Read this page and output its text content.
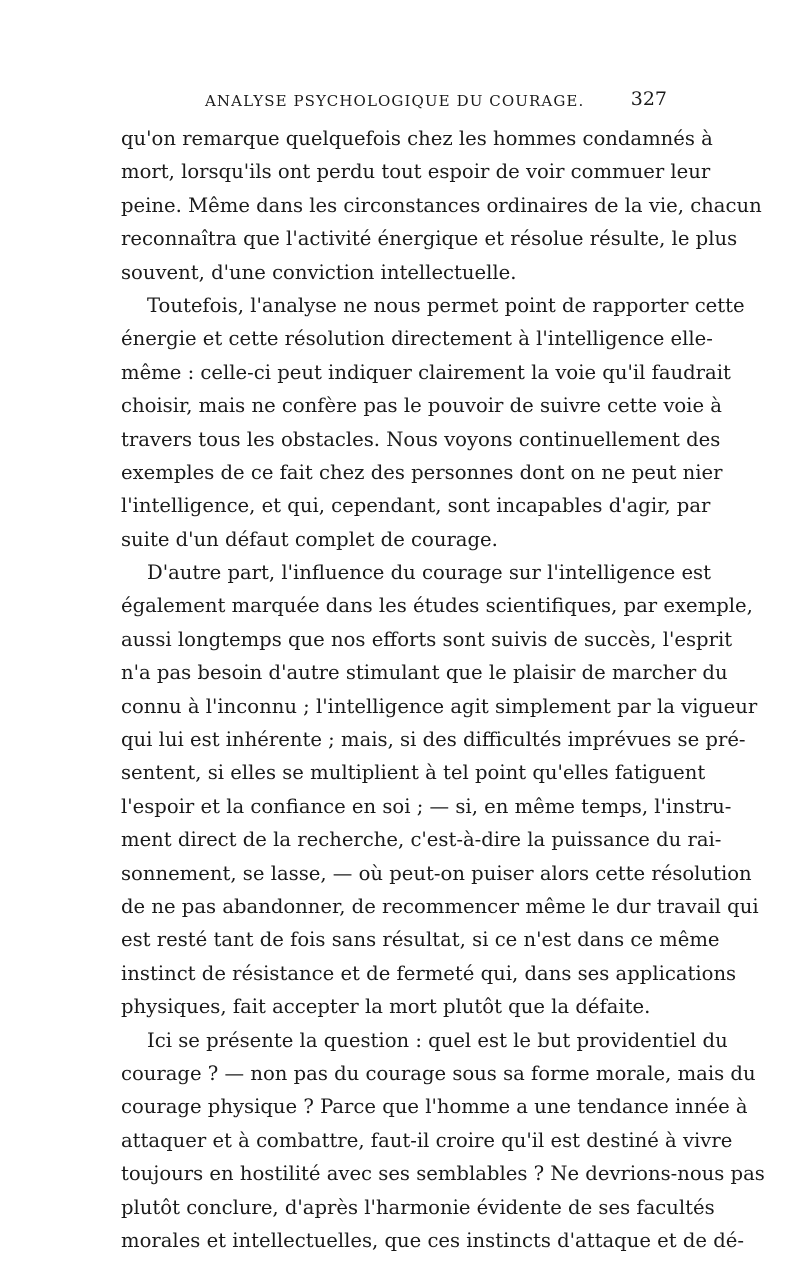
ANALYSE PSYCHOLOGIQUE DU COURAGE. 327
qu'on remarque quelquefois chez les hommes condamnés à
mort, lorsqu'ils ont perdu tout espoir de voir commuer leur
peine. Même dans les circonstances ordinaires de la vie, chacun
reconnaîtra que l'activité énergique et résolue résulte, le plus
souvent, d'une conviction intellectuelle.
Toutefois, l'analyse ne nous permet point de rapporter cette
énergie et cette résolution directement à l'intelligence elle-
même : celle-ci peut indiquer clairement la voie qu'il faudrait
choisir, mais ne confère pas le pouvoir de suivre cette voie à
travers tous les obstacles. Nous voyons continuellement des
exemples de ce fait chez des personnes dont on ne peut nier
l'intelligence, et qui, cependant, sont incapables d'agir, par
suite d'un défaut complet de courage.
D'autre part, l'influence du courage sur l'intelligence est
également marquée dans les études scientifiques, par exemple,
aussi longtemps que nos efforts sont suivis de succès, l'esprit
n'a pas besoin d'autre stimulant que le plaisir de marcher du
connu à l'inconnu ; l'intelligence agit simplement par la vigueur
qui lui est inhérente ; mais, si des difficultés imprévues se pré-
sentent, si elles se multiplient à tel point qu'elles fatiguent
l'espoir et la confiance en soi ; — si, en même temps, l'instru-
ment direct de la recherche, c'est-à-dire la puissance du rai-
sonnement, se lasse, — où peut-on puiser alors cette résolution
de ne pas abandonner, de recommencer même le dur travail qui
est resté tant de fois sans résultat, si ce n'est dans ce même
instinct de résistance et de fermeté qui, dans ses applications
physiques, fait accepter la mort plutôt que la défaite.
Ici se présente la question : quel est le but providentiel du
courage ? — non pas du courage sous sa forme morale, mais du
courage physique ? Parce que l'homme a une tendance innée à
attaquer et à combattre, faut-il croire qu'il est destiné à vivre
toujours en hostilité avec ses semblables ? Ne devrions-nous pas
plutôt conclure, d'après l'harmonie évidente de ses facultés
morales et intellectuelles, que ces instincts d'attaque et de dé-
